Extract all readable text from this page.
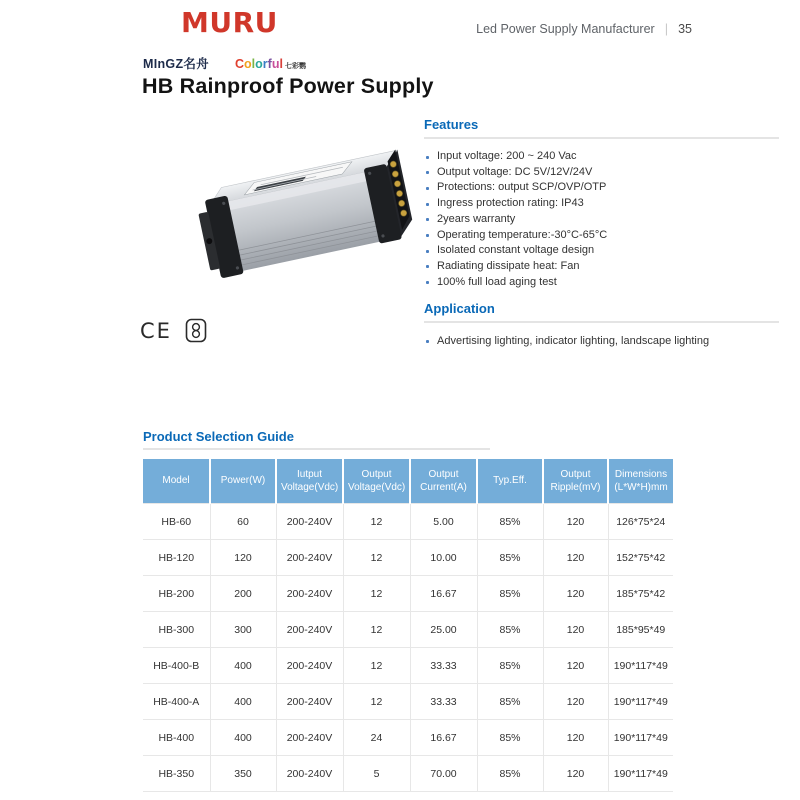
MURU	Led Power Supply Manufacturer | 35
MInGZ名舟 Colorful 七彩鹦
HB Rainproof Power Supply
CE
Features
Input voltage: 200 ~ 240 Vac
Output voltage: DC 5V/12V/24V
Protections: output SCP/OVP/OTP
Ingress protection rating: IP43
2years warranty
Operating temperature:-30°C-65°C
Isolated constant voltage design
Radiating dissipate heat: Fan
100% full load aging test
Application
Advertising lighting, indicator lighting, landscape lighting
Product Selection Guide
Model	Power(W)	Iutput Voltage(Vdc)	Output Voltage(Vdc)	Output Current(A)	Typ.Eff.	Output Ripple(mV)	Dimensions (L*W*H)mm
HB-60	60	200-240V	12	5.00	85%	120	126*75*24
HB-120	120	200-240V	12	10.00	85%	120	152*75*42
HB-200	200	200-240V	12	16.67	85%	120	185*75*42
HB-300	300	200-240V	12	25.00	85%	120	185*95*49
HB-400-B	400	200-240V	12	33.33	85%	120	190*117*49
HB-400-A	400	200-240V	12	33.33	85%	120	190*117*49
HB-400	400	200-240V	24	16.67	85%	120	190*117*49
HB-350	350	200-240V	5	70.00	85%	120	190*117*49
